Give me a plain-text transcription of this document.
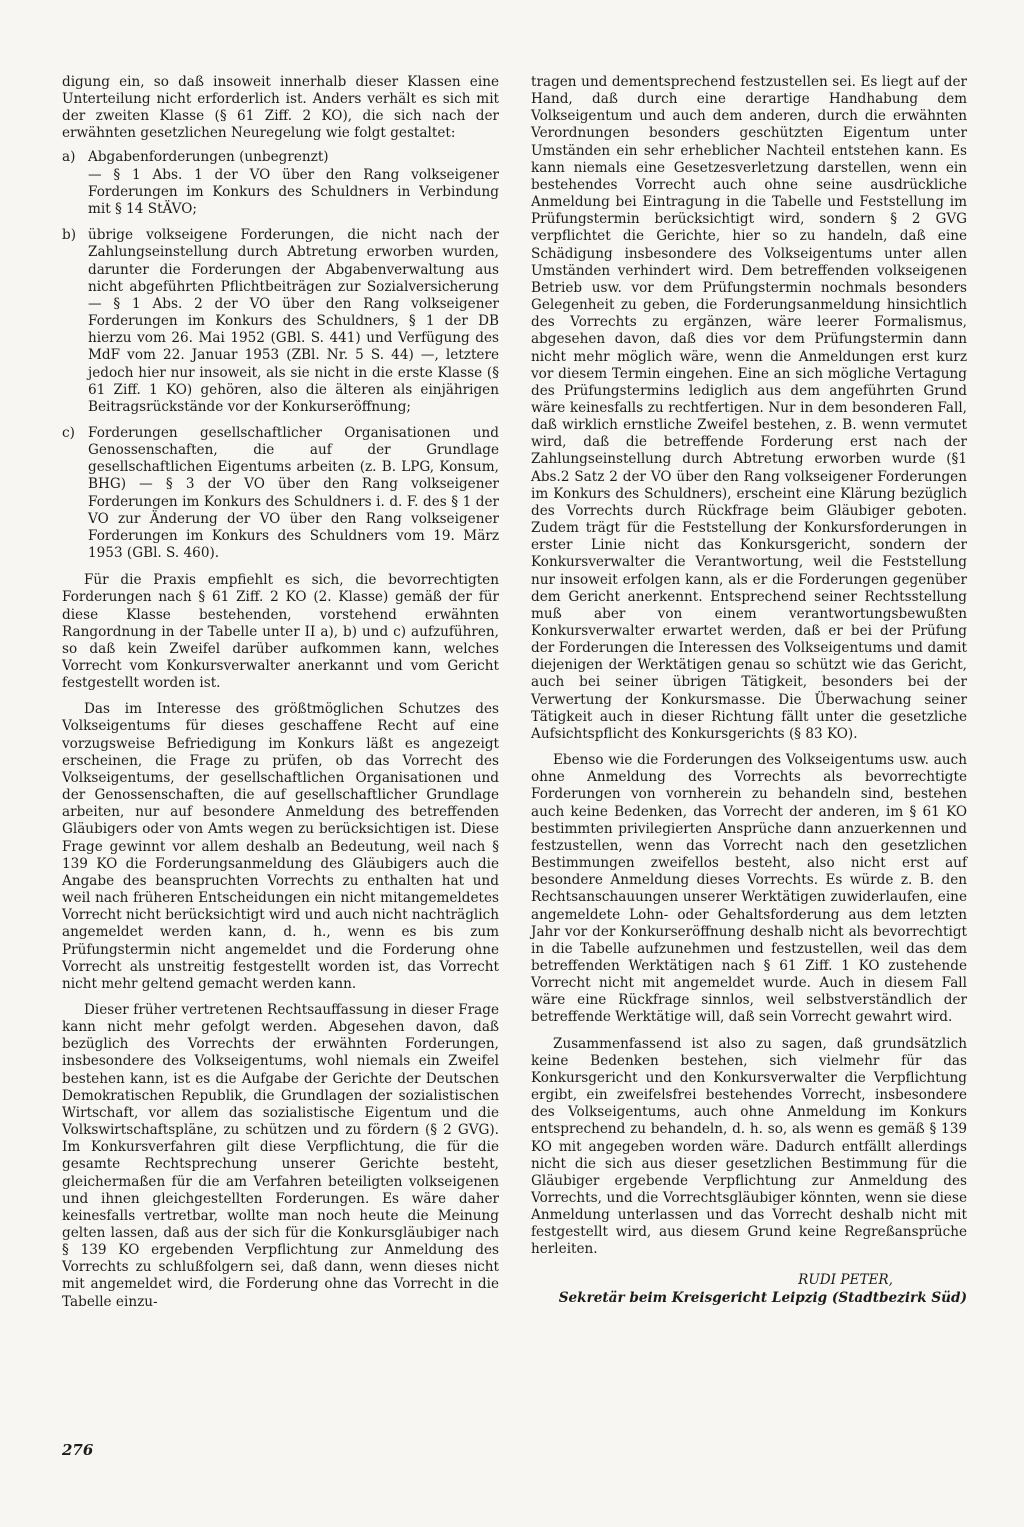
digung ein, so daß insoweit innerhalb dieser Klassen eine Unterteilung nicht erforderlich ist. Anders verhält es sich mit der zweiten Klasse (§ 61 Ziff. 2 KO), die sich nach der erwähnten gesetzlichen Neuregelung wie folgt gestaltet:

a) Abgabenforderungen (unbegrenzt)
— § 1 Abs. 1 der VO über den Rang volkseigener Forderungen im Konkurs des Schuldners in Verbindung mit § 14 StÄVO;
b) übrige volkseigene Forderungen, die nicht nach der Zahlungseinstellung durch Abtretung erworben wurden, darunter die Forderungen der Abgabenverwaltung aus nicht abgeführten Pflichtbeiträgen zur Sozialversicherung — § 1 Abs. 2 der VO über den Rang volkseigener Forderungen im Konkurs des Schuldners, § 1 der DB hierzu vom 26. Mai 1952 (GBl. S. 441) und Verfügung des MdF vom 22. Januar 1953 (ZBl. Nr. 5 S. 44) —, letztere jedoch hier nur insoweit, als sie nicht in die erste Klasse (§ 61 Ziff. 1 KO) gehören, also die älteren als einjährigen Beitragsrückstände vor der Konkurseröffnung;
c) Forderungen gesellschaftlicher Organisationen und Genossenschaften, die auf der Grundlage gesellschaftlichen Eigentums arbeiten (z. B. LPG, Konsum, BHG) — § 3 der VO über den Rang volkseigener Forderungen im Konkurs des Schuldners i. d. F. des § 1 der VO zur Änderung der VO über den Rang volkseigener Forderungen im Konkurs des Schuldners vom 19. März 1953 (GBl. S. 460).

Für die Praxis empfiehlt es sich, die bevorrechtigten Forderungen nach § 61 Ziff. 2 KO (2. Klasse) gemäß der für diese Klasse bestehenden, vorstehend erwähnten Rangordnung in der Tabelle unter II a), b) und c) aufzuführen, so daß kein Zweifel darüber aufkommen kann, welches Vorrecht vom Konkursverwalter anerkannt und vom Gericht festgestellt worden ist.

Das im Interesse des größtmöglichen Schutzes des Volkseigentums für dieses geschaffene Recht auf eine vorzugsweise Befriedigung im Konkurs läßt es angezeigt erscheinen, die Frage zu prüfen, ob das Vorrecht des Volkseigentums, der gesellschaftlichen Organisationen und der Genossenschaften, die auf gesellschaftlicher Grundlage arbeiten, nur auf besondere Anmeldung des betreffenden Gläubigers oder von Amts wegen zu berücksichtigen ist. Diese Frage gewinnt vor allem deshalb an Bedeutung, weil nach § 139 KO die Forderungsanmeldung des Gläubigers auch die Angabe des beanspruchten Vorrechts zu enthalten hat und weil nach früheren Entscheidungen ein nicht mitangemeldetes Vorrecht nicht berücksichtigt wird und auch nicht nachträglich angemeldet werden kann, d. h., wenn es bis zum Prüfungstermin nicht angemeldet und die Forderung ohne Vorrecht als unstreitig festgestellt worden ist, das Vorrecht nicht mehr geltend gemacht werden kann.

Dieser früher vertretenen Rechtsauffassung in dieser Frage kann nicht mehr gefolgt werden. Abgesehen davon, daß bezüglich des Vorrechts der erwähnten Forderungen, insbesondere des Volkseigentums, wohl niemals ein Zweifel bestehen kann, ist es die Aufgabe der Gerichte der Deutschen Demokratischen Republik, die Grundlagen der sozialistischen Wirtschaft, vor allem das sozialistische Eigentum und die Volkswirtschaftspläne, zu schützen und zu fördern (§ 2 GVG). Im Konkursverfahren gilt diese Verpflichtung, die für die gesamte Rechtsprechung unserer Gerichte besteht, gleichermaßen für die am Verfahren beteiligten volkseigenen und ihnen gleichgestellten Forderungen. Es wäre daher keinesfalls vertretbar, wollte man noch heute die Meinung gelten lassen, daß aus der sich für die Konkursgläubiger nach § 139 KO ergebenden Verpflichtung zur Anmeldung des Vorrechts zu schlußfolgern sei, daß dann, wenn dieses nicht mit angemeldet wird, die Forderung ohne das Vorrecht in die Tabelle einzu-

tragen und dementsprechend festzustellen sei. Es liegt auf der Hand, daß durch eine derartige Handhabung dem Volkseigentum und auch dem anderen, durch die erwähnten Verordnungen besonders geschützten Eigentum unter Umständen ein sehr erheblicher Nachteil entstehen kann. Es kann niemals eine Gesetzesverletzung darstellen, wenn ein bestehendes Vorrecht auch ohne seine ausdrückliche Anmeldung bei Eintragung in die Tabelle und Feststellung im Prüfungstermin berücksichtigt wird, sondern § 2 GVG verpflichtet die Gerichte, hier so zu handeln, daß eine Schädigung insbesondere des Volkseigentums unter allen Umständen verhindert wird. Dem betreffenden volkseigenen Betrieb usw. vor dem Prüfungstermin nochmals besonders Gelegenheit zu geben, die Forderungsanmeldung hinsichtlich des Vorrechts zu ergänzen, wäre leerer Formalismus, abgesehen davon, daß dies vor dem Prüfungstermin dann nicht mehr möglich wäre, wenn die Anmeldungen erst kurz vor diesem Termin eingehen. Eine an sich mögliche Vertagung des Prüfungstermins lediglich aus dem angeführten Grund wäre keinesfalls zu rechtfertigen. Nur in dem besonderen Fall, daß wirklich ernstliche Zweifel bestehen, z. B. wenn vermutet wird, daß die betreffende Forderung erst nach der Zahlungseinstellung durch Abtretung erworben wurde (§1 Abs.2 Satz 2 der VO über den Rang volkseigener Forderungen im Konkurs des Schuldners), erscheint eine Klärung bezüglich des Vorrechts durch Rückfrage beim Gläubiger geboten. Zudem trägt für die Feststellung der Konkursforderungen in erster Linie nicht das Konkursgericht, sondern der Konkursverwalter die Verantwortung, weil die Feststellung nur insoweit erfolgen kann, als er die Forderungen gegenüber dem Gericht anerkennt. Entsprechend seiner Rechtsstellung muß aber von einem verantwortungsbewußten Konkursverwalter erwartet werden, daß er bei der Prüfung der Forderungen die Interessen des Volkseigentums und damit diejenigen der Werktätigen genau so schützt wie das Gericht, auch bei seiner übrigen Tätigkeit, besonders bei der Verwertung der Konkursmasse. Die Überwachung seiner Tätigkeit auch in dieser Richtung fällt unter die gesetzliche Aufsichtspflicht des Konkursgerichts (§ 83 KO).

Ebenso wie die Forderungen des Volkseigentums usw. auch ohne Anmeldung des Vorrechts als bevorrechtigte Forderungen von vornherein zu behandeln sind, bestehen auch keine Bedenken, das Vorrecht der anderen, im § 61 KO bestimmten privilegierten Ansprüche dann anzuerkennen und festzustellen, wenn das Vorrecht nach den gesetzlichen Bestimmungen zweifellos besteht, also nicht erst auf besondere Anmeldung dieses Vorrechts. Es würde z. B. den Rechtsanschauungen unserer Werktätigen zuwiderlaufen, eine angemeldete Lohn- oder Gehaltsforderung aus dem letzten Jahr vor der Konkurseröffnung deshalb nicht als bevorrechtigt in die Tabelle aufzunehmen und festzustellen, weil das dem betreffenden Werktätigen nach § 61 Ziff. 1 KO zustehende Vorrecht nicht mit angemeldet wurde. Auch in diesem Fall wäre eine Rückfrage sinnlos, weil selbstverständlich der betreffende Werktätige will, daß sein Vorrecht gewahrt wird.

Zusammenfassend ist also zu sagen, daß grundsätzlich keine Bedenken bestehen, sich vielmehr für das Konkursgericht und den Konkursverwalter die Verpflichtung ergibt, ein zweifelsfrei bestehendes Vorrecht, insbesondere des Volkseigentums, auch ohne Anmeldung im Konkurs entsprechend zu behandeln, d. h. so, als wenn es gemäß § 139 KO mit angegeben worden wäre. Dadurch entfällt allerdings nicht die sich aus dieser gesetzlichen Bestimmung für die Gläubiger ergebende Verpflichtung zur Anmeldung des Vorrechts, und die Vorrechtsgläubiger könnten, wenn sie diese Anmeldung unterlassen und das Vorrecht deshalb nicht mit festgestellt wird, aus diesem Grund keine Regreßansprüche herleiten.

RUDI PETER,
Sekretär beim Kreisgericht Leipzig (Stadtbezirk Süd)
276
